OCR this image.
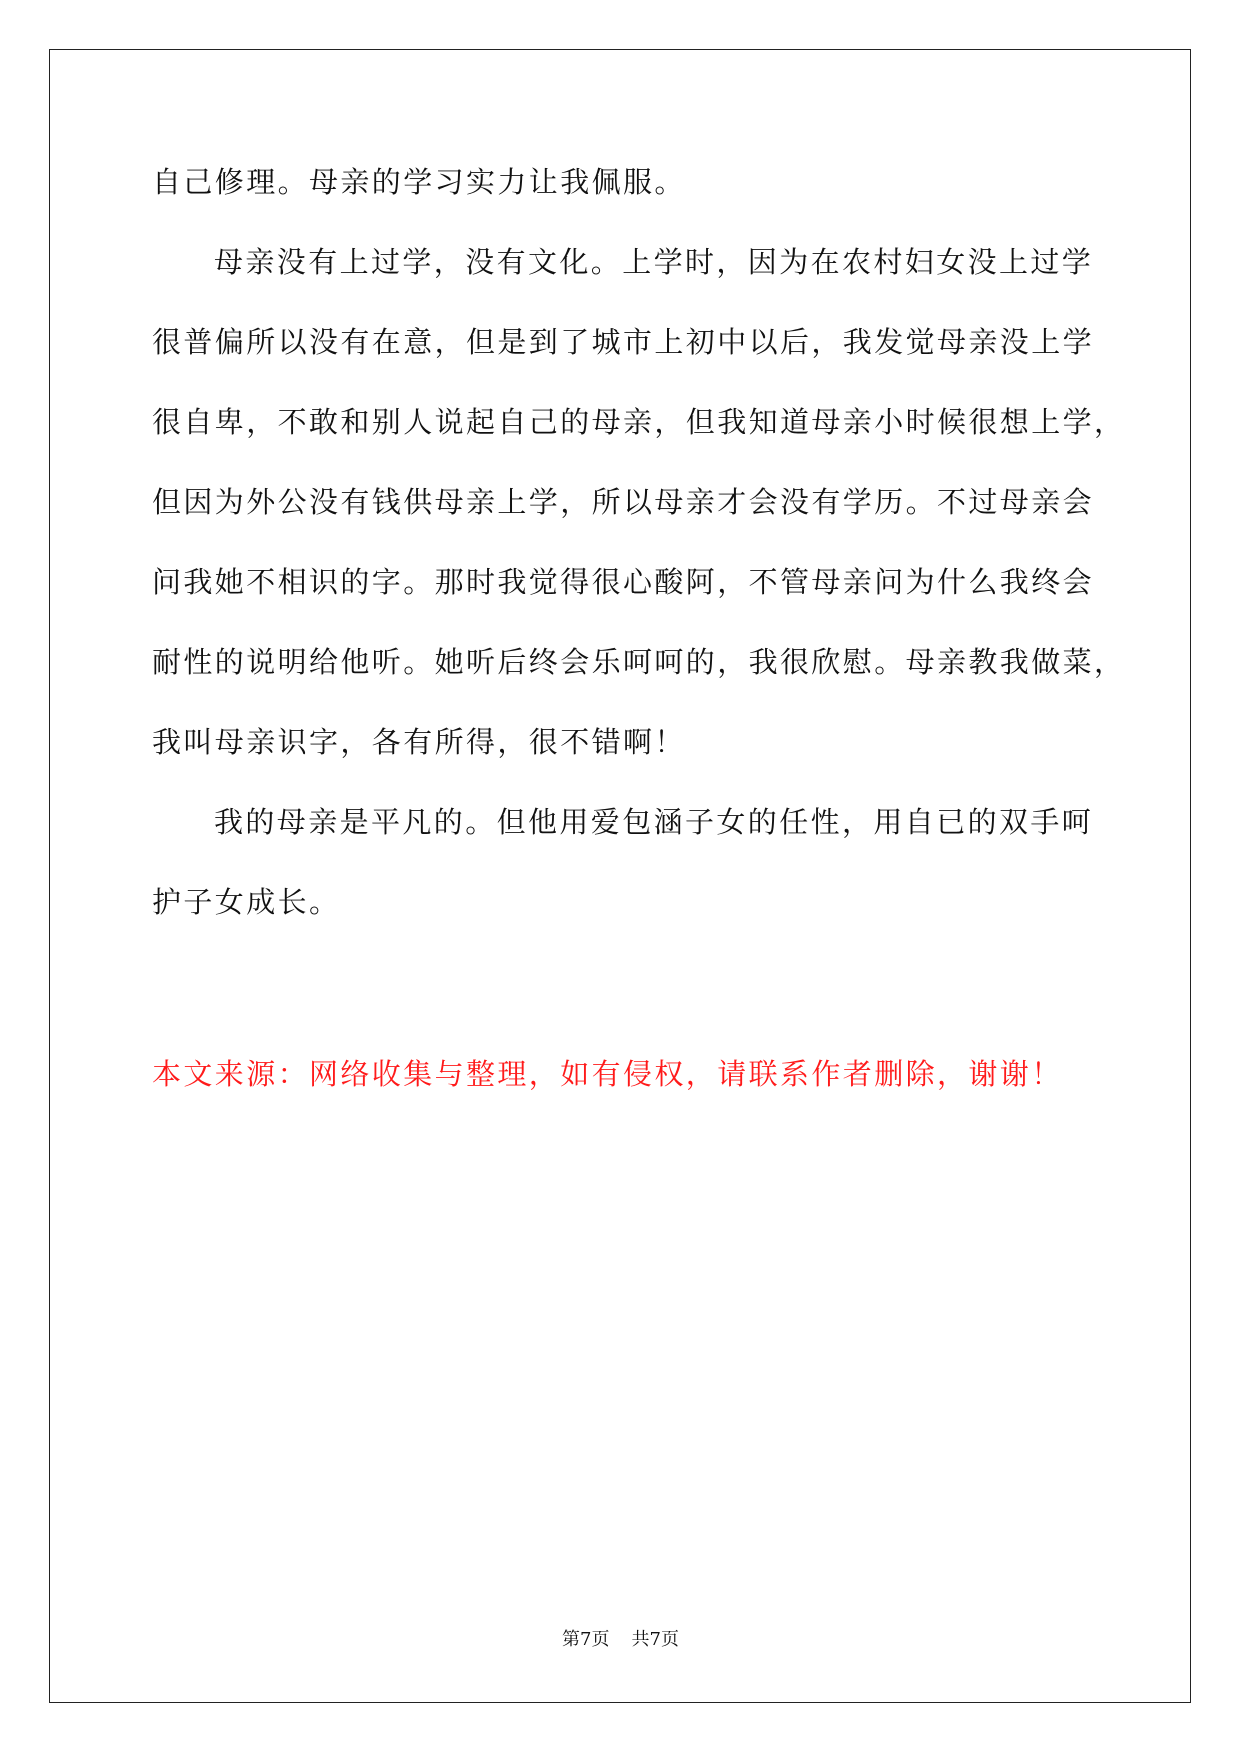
自己修理。母亲的学习实力让我佩服。
母亲没有上过学，没有文化。上学时，因为在农村妇女没上过学
很普偏所以没有在意，但是到了城市上初中以后，我发觉母亲没上学
很自卑，不敢和别人说起自己的母亲，但我知道母亲小时候很想上学，
但因为外公没有钱供母亲上学，所以母亲才会没有学历。不过母亲会
问我她不相识的字。那时我觉得很心酸阿，不管母亲问为什么我终会
耐性的说明给他听。她听后终会乐呵呵的，我很欣慰。母亲教我做菜，
我叫母亲识字，各有所得，很不错啊！
我的母亲是平凡的。但他用爱包涵子女的任性，用自已的双手呵
护子女成长。
本文来源：网络收集与整理，如有侵权，请联系作者删除，谢谢！
第7页 共7页
